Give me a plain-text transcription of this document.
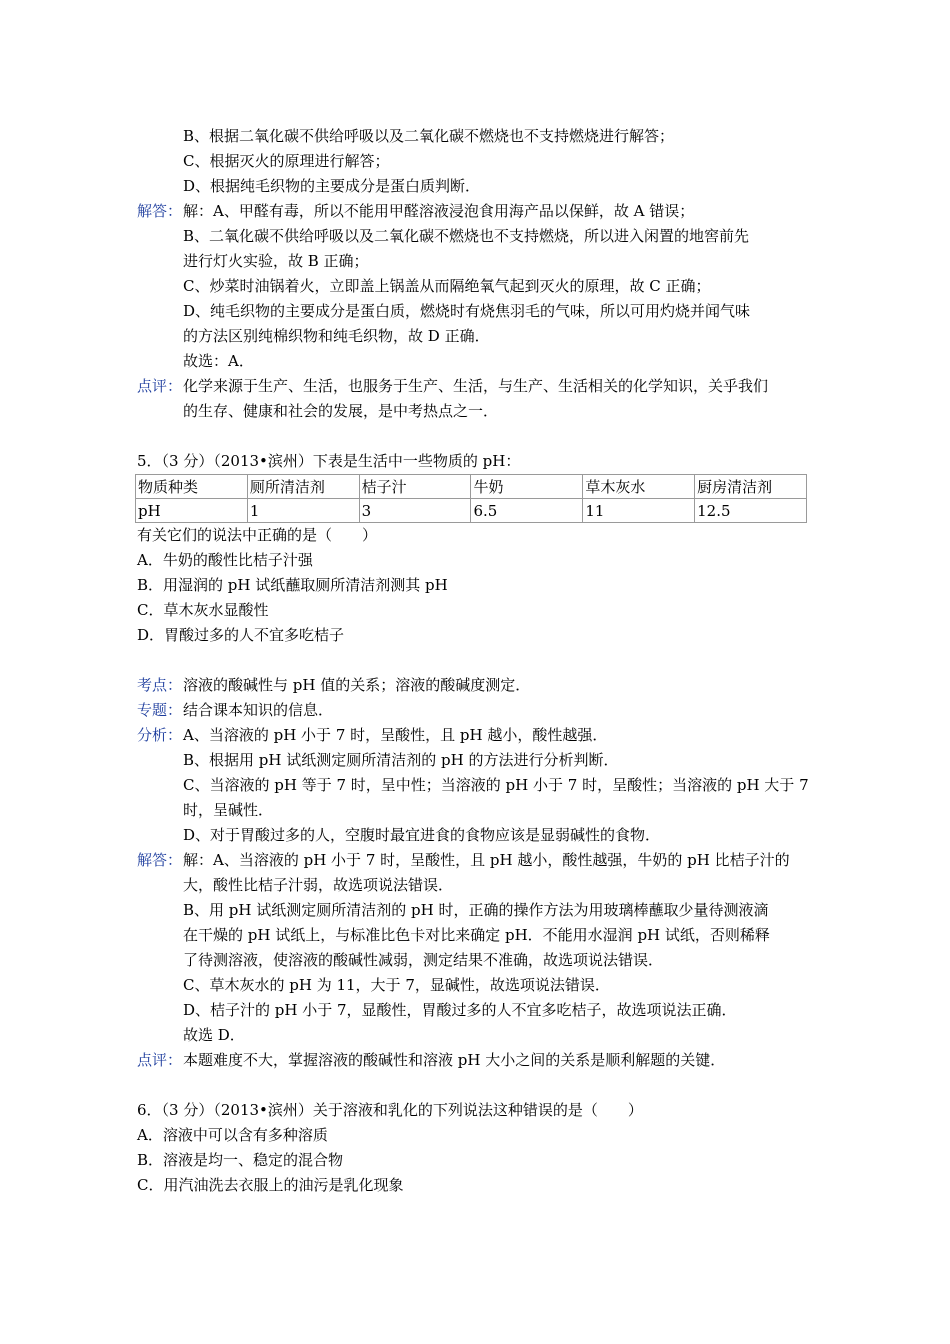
B、根据二氧化碳不供给呼吸以及二氧化碳不燃烧也不支持燃烧进行解答；
C、根据灭火的原理进行解答；
D、根据纯毛织物的主要成分是蛋白质判断．
解答： 解：A、甲醛有毒，所以不能用甲醛溶液浸泡食用海产品以保鲜，故 A 错误；
B、二氧化碳不供给呼吸以及二氧化碳不燃烧也不支持燃烧，所以进入闲置的地窖前先
进行灯火实验，故 B 正确；
C、炒菜时油锅着火，立即盖上锅盖从而隔绝氧气起到灭火的原理，故 C 正确；
D、纯毛织物的主要成分是蛋白质，燃烧时有烧焦羽毛的气味，所以可用灼烧并闻气味
的方法区别纯棉织物和纯毛织物，故 D 正确．
故选：A．
点评： 化学来源于生产、生活，也服务于生产、生活，与生产、生活相关的化学知识，关乎我们
的生存、健康和社会的发展，是中考热点之一．
5．（3 分）（2013•滨州）下表是生活中一些物质的 pH：
物质种类	厕所清洁剂	桔子汁	牛奶	草木灰水	厨房清洁剂
pH	1	3	6.5	11	12.5
有关它们的说法中正确的是（　　）
A．牛奶的酸性比桔子汁强
B．用湿润的 pH 试纸蘸取厕所清洁剂测其 pH
C．草木灰水显酸性
D．胃酸过多的人不宜多吃桔子
考点： 溶液的酸碱性与 pH 值的关系；溶液的酸碱度测定．
专题： 结合课本知识的信息．
分析： A、当溶液的 pH 小于 7 时，呈酸性，且 pH 越小，酸性越强．
B、根据用 pH 试纸测定厕所清洁剂的 pH 的方法进行分析判断．
C、当溶液的 pH 等于 7 时，呈中性；当溶液的 pH 小于 7 时，呈酸性；当溶液的 pH 大于 7
时，呈碱性．
D、对于胃酸过多的人，空腹时最宜进食的食物应该是显弱碱性的食物．
解答： 解：A、当溶液的 pH 小于 7 时，呈酸性，且 pH 越小，酸性越强，牛奶的 pH 比桔子汁的
大，酸性比桔子汁弱，故选项说法错误．
B、用 pH 试纸测定厕所清洁剂的 pH 时，正确的操作方法为用玻璃棒蘸取少量待测液滴
在干燥的 pH 试纸上，与标准比色卡对比来确定 pH．不能用水湿润 pH 试纸，否则稀释
了待测溶液，使溶液的酸碱性减弱，测定结果不准确，故选项说法错误．
C、草木灰水的 pH 为 11，大于 7，显碱性，故选项说法错误．
D、桔子汁的 pH 小于 7，显酸性，胃酸过多的人不宜多吃桔子，故选项说法正确．
故选 D．
点评： 本题难度不大，掌握溶液的酸碱性和溶液 pH 大小之间的关系是顺利解题的关键．
6．（3 分）（2013•滨州）关于溶液和乳化的下列说法这种错误的是（　　）
A．溶液中可以含有多种溶质
B．溶液是均一、稳定的混合物
C．用汽油洗去衣服上的油污是乳化现象
